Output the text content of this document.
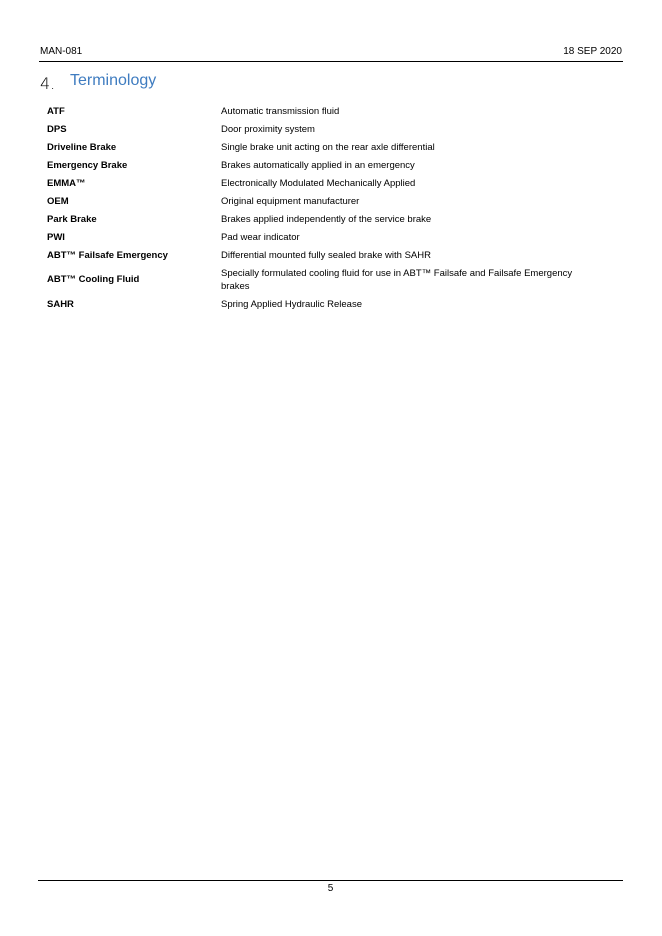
MAN-081	18 SEP 2020
4. Terminology
ATF	Automatic transmission fluid
DPS	Door proximity system
Driveline Brake	Single brake unit acting on the rear axle differential
Emergency Brake	Brakes automatically applied in an emergency
EMMA™	Electronically Modulated Mechanically Applied
OEM	Original equipment manufacturer
Park Brake	Brakes applied independently of the service brake
PWI	Pad wear indicator
ABT™ Failsafe Emergency	Differential mounted fully sealed brake with SAHR
ABT™ Cooling Fluid	Specially formulated cooling fluid for use in ABT™ Failsafe and Failsafe Emergency brakes
SAHR	Spring Applied Hydraulic Release
5
